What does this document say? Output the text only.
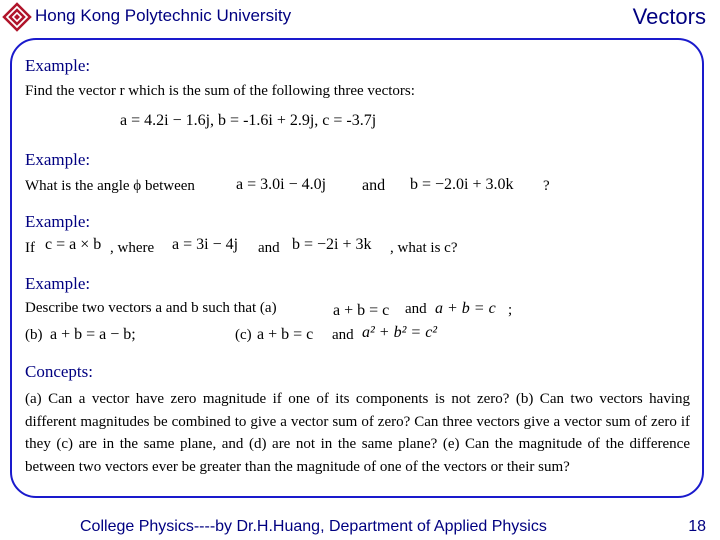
Hong Kong Polytechnic University	Vectors
Example:
Find the vector r which is the sum of the following three vectors:
a = 4.2i − 1.6j, b = -1.6i + 2.9j, c = -3.7j
Example:
What is the angle ϕ between	a = 3.0i − 4.0j and b = −2.0i + 3.0k ?
Example:
If c = a × b , where a = 3i − 4j and b = −2i + 3k , what is c?
Example:
Describe two vectors a and b such that (a)	a + b = c and a + b = c ;
(b) a + b = a − b;	(c) a + b = c and a² + b² = c²
Concepts:
(a) Can a vector have zero magnitude if one of its components is not zero? (b) Can two vectors having different magnitudes be combined to give a vector sum of zero? Can three vectors give a vector sum of zero if they (c) are in the same plane, and (d) are not in the same plane? (e) Can the magnitude of the difference between two vectors ever be greater than the magnitude of one of the vectors or their sum?
College Physics----by Dr.H.Huang, Department of Applied Physics	18
